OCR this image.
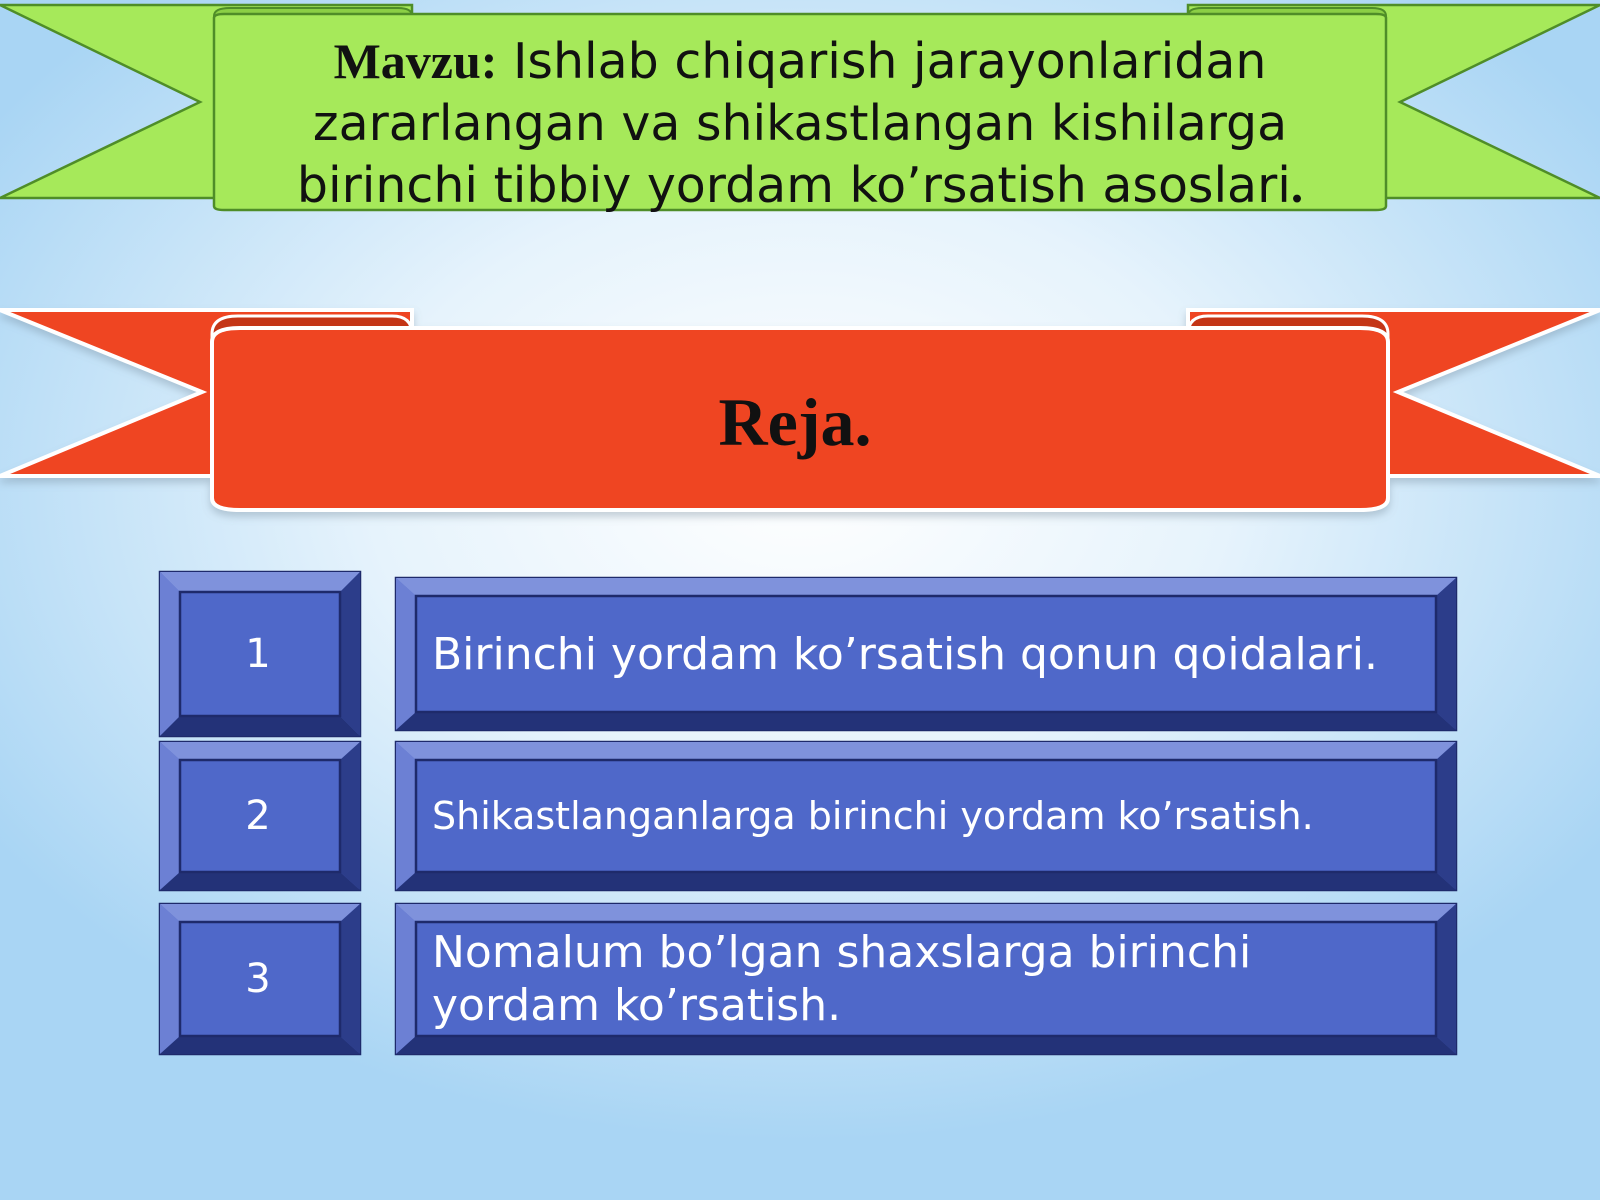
Mavzu: Ishlab chiqarish jarayonlaridan
zararlangan va shikastlangan kishilarga
birinchi tibbiy yordam koʼrsatish asoslari.
Reja.
1
2
3
Birinchi yordam koʼrsatish qonun qoidalari.
Shikastlanganlarga birinchi yordam koʼrsatish.
Nomalum boʼlgan shaxslarga birinchi yordam koʼrsatish.
